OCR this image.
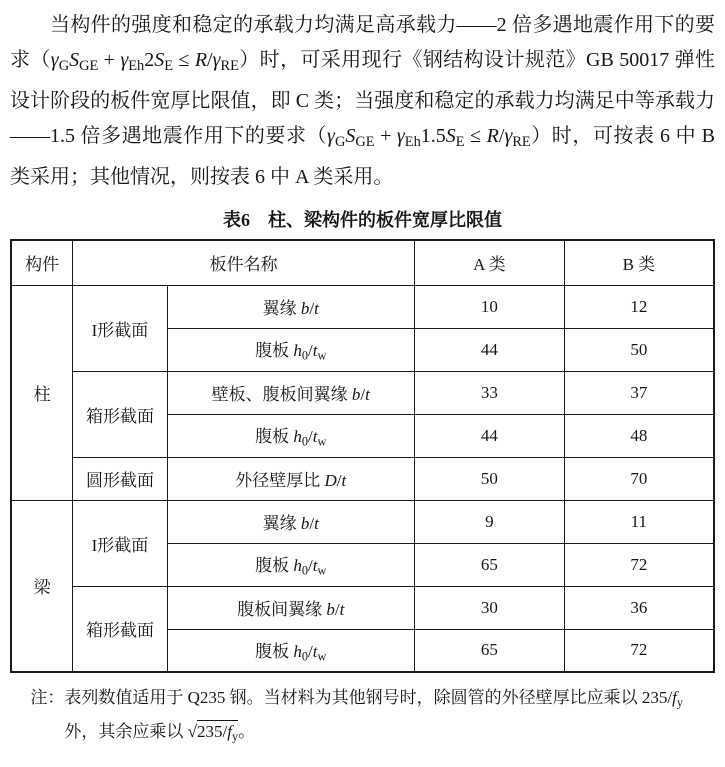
当构件的强度和稳定的承载力均满足高承载力——2 倍多遇地震作用下的要求$(\gamma_GS_{GE} + \gamma_{Eh}2S_E \le R/\gamma_{RE})$时，可采用现行《钢结构设计规范》GB 50017 弹性设计阶段的板件宽厚比限值，即 C 类；当强度和稳定的承载力均满足中等承载力——1.5 倍多遇地震作用下的要求$(\gamma_GS_{GE} + \gamma_{Eh}1.5S_E \le R/\gamma_{RE})$时，可按表 6 中 B 类采用；其他情况，则按表 6 中 A 类采用。

表6　柱、梁构件的板件宽厚比限值

构件	板件名称		A 类	B 类
柱	I形截面	翼缘 b/t	10	12
		腹板 $h_0/t_w$	44	50
	箱形截面	壁板、腹板间翼缘 b/t	33	37
		腹板 $h_0/t_w$	44	48
	圆形截面	外径壁厚比 D/t	50	70
梁	I形截面	翼缘 b/t	9	11
		腹板 $h_0/t_w$	65	72
	箱形截面	腹板间翼缘 b/t	30	36
		腹板 $h_0/t_w$	65	72

注：表列数值适用于 Q235 钢。当材料为其他钢号时，除圆管的外径壁厚比应乘以 $235/f_y$ 外，其余应乘以 $√235/f_y$。
